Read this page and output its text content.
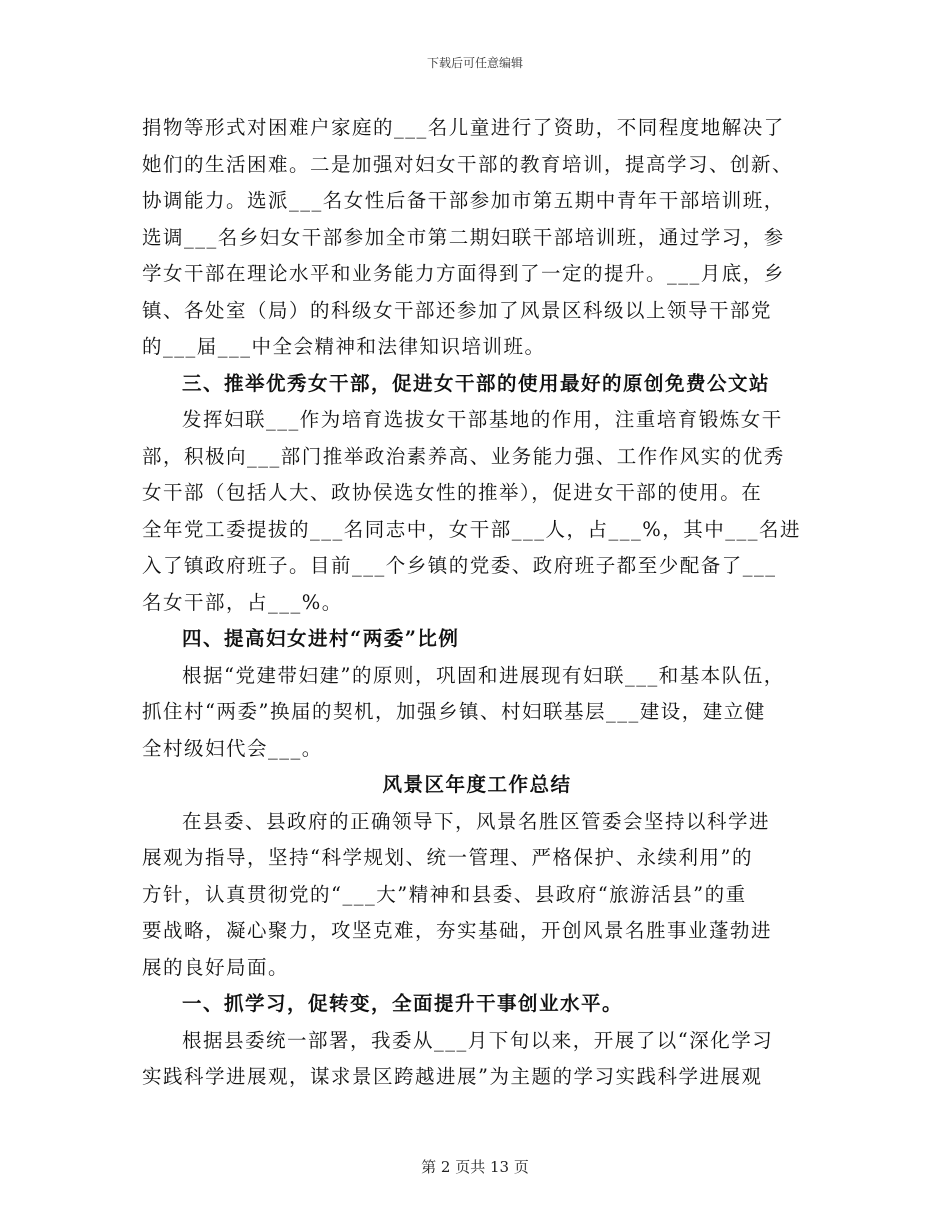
下载后可任意编辑
捐物等形式对困难户家庭的___名儿童进行了资助，不同程度地解决了
她们的生活困难。二是加强对妇女干部的教育培训，提高学习、创新、
协调能力。选派___名女性后备干部参加市第五期中青年干部培训班，
选调___名乡妇女干部参加全市第二期妇联干部培训班，通过学习，参
学女干部在理论水平和业务能力方面得到了一定的提升。___月底，乡
镇、各处室（局）的科级女干部还参加了风景区科级以上领导干部党
的___届___中全会精神和法律知识培训班。
三、推举优秀女干部，促进女干部的使用最好的原创免费公文站
发挥妇联___作为培育选拔女干部基地的作用，注重培育锻炼女干
部，积极向___部门推举政治素养高、业务能力强、工作作风实的优秀
女干部（包括人大、政协侯选女性的推举），促进女干部的使用。在
全年党工委提拔的___名同志中，女干部___人，占___%，其中___名进
入了镇政府班子。目前___个乡镇的党委、政府班子都至少配备了___
名女干部，占___%。
四、提高妇女进村“两委”比例
根据“党建带妇建”的原则，巩固和进展现有妇联___和基本队伍，
抓住村“两委”换届的契机，加强乡镇、村妇联基层___建设，建立健
全村级妇代会___。
风景区年度工作总结
在县委、县政府的正确领导下，风景名胜区管委会坚持以科学进
展观为指导，坚持“科学规划、统一管理、严格保护、永续利用”的
方针，认真贯彻党的“___大”精神和县委、县政府“旅游活县”的重
要战略，凝心聚力，攻坚克难，夯实基础，开创风景名胜事业蓬勃进
展的良好局面。
一、抓学习，促转变，全面提升干事创业水平。
根据县委统一部署，我委从___月下旬以来，开展了以“深化学习
实践科学进展观，谋求景区跨越进展”为主题的学习实践科学进展观
第 2 页共 13 页
